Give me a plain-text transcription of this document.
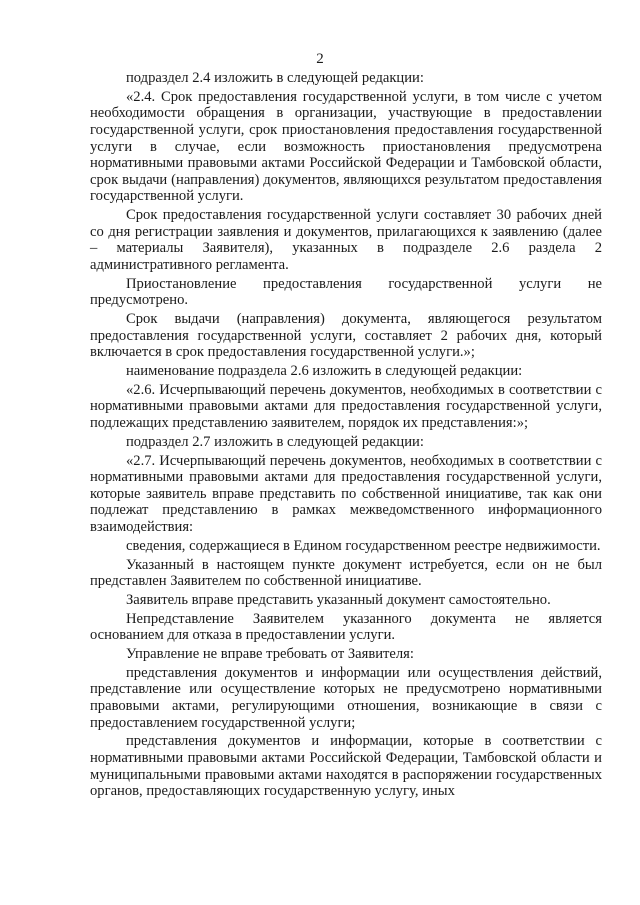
2

подраздел 2.4 изложить в следующей редакции:

«2.4. Срок предоставления государственной услуги, в том числе с учетом необходимости обращения в организации, участвующие в предоставлении государственной услуги, срок приостановления предоставления государственной услуги в случае, если возможность приостановления предусмотрена нормативными правовыми актами Российской Федерации и Тамбовской области, срок выдачи (направления) документов, являющихся результатом предоставления государственной услуги.

Срок предоставления государственной услуги составляет 30 рабочих дней со дня регистрации заявления и документов, прилагающихся к заявлению (далее – материалы Заявителя), указанных в подразделе 2.6 раздела 2 административного регламента.

Приостановление предоставления государственной услуги не предусмотрено.

Срок выдачи (направления) документа, являющегося результатом предоставления государственной услуги, составляет 2 рабочих дня, который включается в срок предоставления государственной услуги.»;

наименование подраздела 2.6 изложить в следующей редакции:

«2.6. Исчерпывающий перечень документов, необходимых в соответствии с нормативными правовыми актами для предоставления государственной услуги, подлежащих представлению заявителем, порядок их представления:»;

подраздел 2.7 изложить в следующей редакции:

«2.7. Исчерпывающий перечень документов, необходимых в соответствии с нормативными правовыми актами для предоставления государственной услуги, которые заявитель вправе представить по собственной инициативе, так как они подлежат представлению в рамках межведомственного информационного взаимодействия:

сведения, содержащиеся в Едином государственном реестре недвижимости.

Указанный в настоящем пункте документ истребуется, если он не был представлен Заявителем по собственной инициативе.

Заявитель вправе представить указанный документ самостоятельно.

Непредставление Заявителем указанного документа не является основанием для отказа в предоставлении услуги.

Управление не вправе требовать от Заявителя:

представления документов и информации или осуществления действий, представление или осуществление которых не предусмотрено нормативными правовыми актами, регулирующими отношения, возникающие в связи с предоставлением государственной услуги;

представления документов и информации, которые в соответствии с нормативными правовыми актами Российской Федерации, Тамбовской области и муниципальными правовыми актами находятся в распоряжении государственных органов, предоставляющих государственную услугу, иных
